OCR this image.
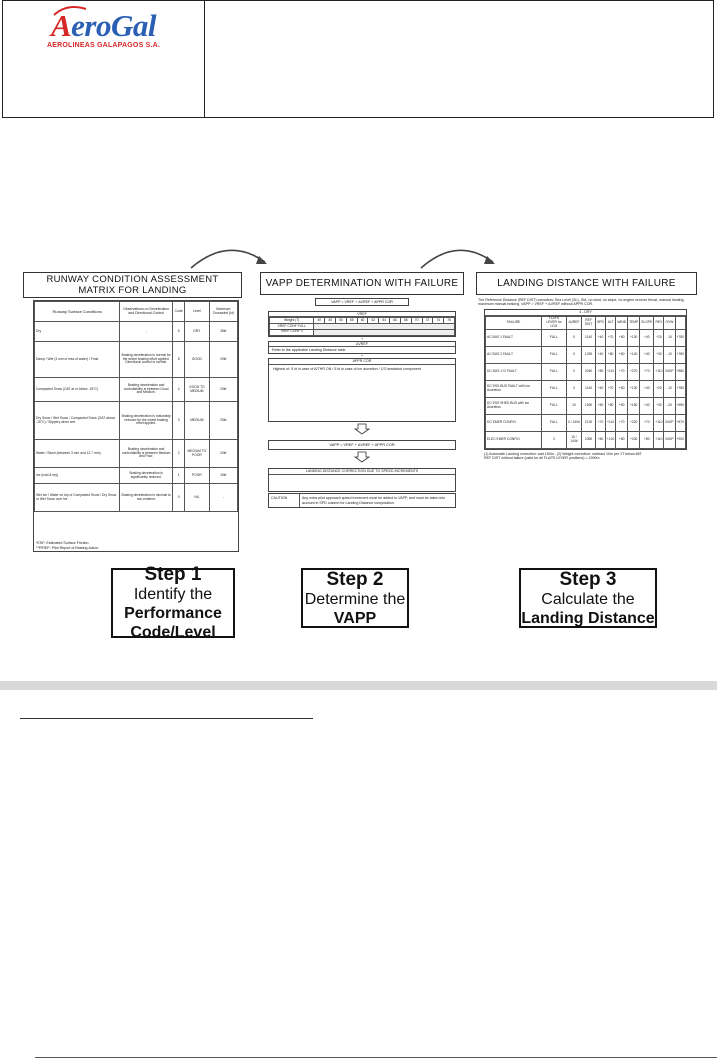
AeroGal
AEROLINEAS GALAPAGOS S.A.
RUNWAY CONDITION ASSESSMENT
MATRIX FOR LANDING
VAPP DETERMINATION WITH FAILURE	LANDING DISTANCE WITH FAILURE
Runway Surface Conditions	Observations on Deceleration and Directional Control	Code	Level	Maximum Crosswind (kt)
Dry	-	6	DRY	38kt
Damp / Wet (3 mm or less of water) / Frost	Braking deceleration is normal for the wheel braking effort applied. Directional control is normal.	5	GOOD	29kt
Compacted Snow (OAT at or below -15°C)	Braking deceleration and controllability is between Good and Medium.	4	GOOD TO MEDIUM	29kt
Dry Snow / Wet Snow / Compacted Snow (OAT above -15°C) / Slippery when wet	Braking deceleration is noticeably reduced for the wheel braking effort applied.	3	MEDIUM	25kt
Water / Slush (between 3 mm and 12.7 mm)	Braking deceleration and controllability is between Medium and Poor.	2	MEDIUM TO POOR	20kt
Ice (cold & dry)	Braking deceleration is significantly reduced.	1	POOR	15kt
Wet Ice / Water on top of Compacted Snow / Dry Snow or Wet Snow over Ice	Braking deceleration is minimal to non-existent.	0	NIL	-
*ESF: Estimated Surface Friction
**PIREP: Pilot Report of Braking Action
VAPP = VREF + ΔVREF + APPR COR
VREF
Weight (T)	40	45	50	55	60	62	64	66	68	70	72	74	76
VREF CONF FULL													
VREF CONF 3													
+
ΔVREF
Refer to the applicable Landing Distance table
+
APPR COR
Highest of: 5 kt in case of A/THR ON / 5 kt in case of ice accretion / 1/3 headwind component
VAPP = VREF + ΔVREF + APPR COR
LANDING DISTANCE CORRECTION DUE TO SPEED INCREMENTS
CAUTION	Any extra pilot approach speed increment must be added to VAPP, and must be taken into account in SPD column for Landing Distance computation.
The Reference Distance (REF DIST) considers: Sea Level (SL), ISA, no wind, no slope, no engine reverse thrust, manual landing, maximum manual braking. VAPP = VREF + ΔVREF without APPR COR.
4 - DRY
FAILURE	FLAPS LEVER for LDG	ΔVREF	REF DIST	SPD	ALT	WIND	TEMP	SLOPE	REV	OVW	
AC BUS 1 FAULT	FULL	0	1140	+40	+70	+60	+130	+40	+20	-10	+780
AC BUS 2 FAULT	FULL	0	1250	+40	+80	+60	+140	+40	+30	-10	+780
DC BUS 1+2 FAULT	FULL	0	2040	+80	+110	+70	+270	+70	+110	INOP	+880
DC ESS BUS FAULT with Ice Accretion	FULL	0	1140	+40	+70	+60	+130	+40	+20	-10	+780
DC ESS SHED BUS with Ice Accretion	FULL	10	1590	+50	+80	+50	+150	+40	+30	-20	+690
DC EMER CONFIG	FULL	0 / 140#	2130	+70	+110	+70	+220	+70	+110	INOP	+870
ELEC EMER CONFIG	3	10 / 140#	2360	+80	+120	+80	+230	+80	+110	INOP	+920
(1) Automatic Landing correction: add 180m - (2) Weight correction: subtract 10m per 1T below 66T
REF DIST without failure (valid for all FLAPS LEVER positions) = 1390m
Step 1
Identify the
Performance
Code/Level
Step 2
Determine the
VAPP
Step 3
Calculate the
Landing Distance
